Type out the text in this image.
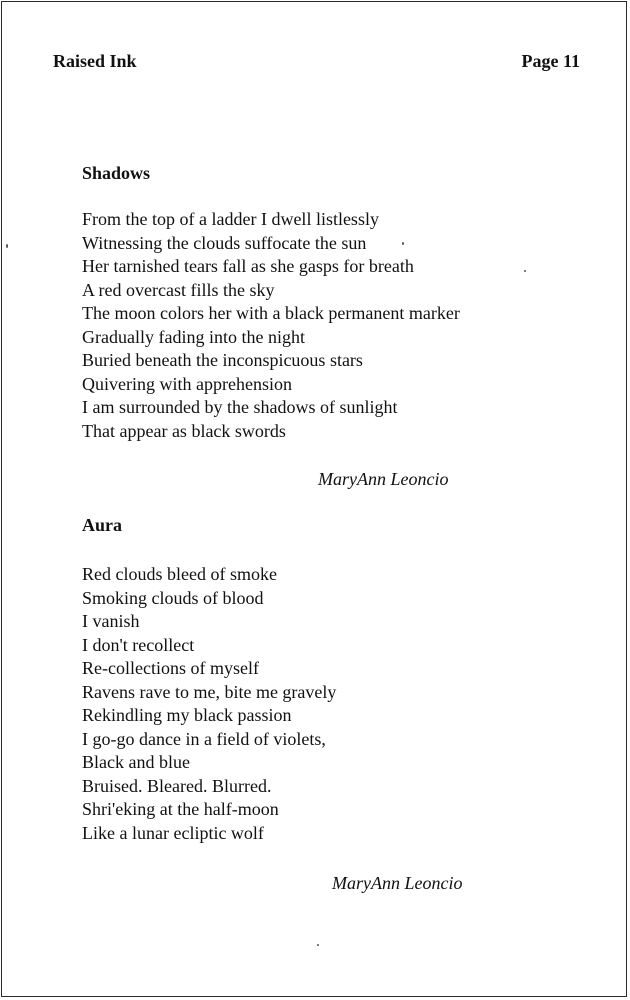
Raised Ink	Page 11
Shadows
From the top of a ladder I dwell listlessly
Witnessing the clouds suffocate the sun
Her tarnished tears fall as she gasps for breath
A red overcast fills the sky
The moon colors her with a black permanent marker
Gradually fading into the night
Buried beneath the inconspicuous stars
Quivering with apprehension
I am surrounded by the shadows of sunlight
That appear as black swords
MaryAnn Leoncio
Aura
Red clouds bleed of smoke
Smoking clouds of blood
I vanish
I don't recollect
Re-collections of myself
Ravens rave to me, bite me gravely
Rekindling my black passion
I go-go dance in a field of violets,
Black and blue
Bruised. Bleared. Blurred.
Shri'eking at the half-moon
Like a lunar ecliptic wolf
MaryAnn Leoncio
